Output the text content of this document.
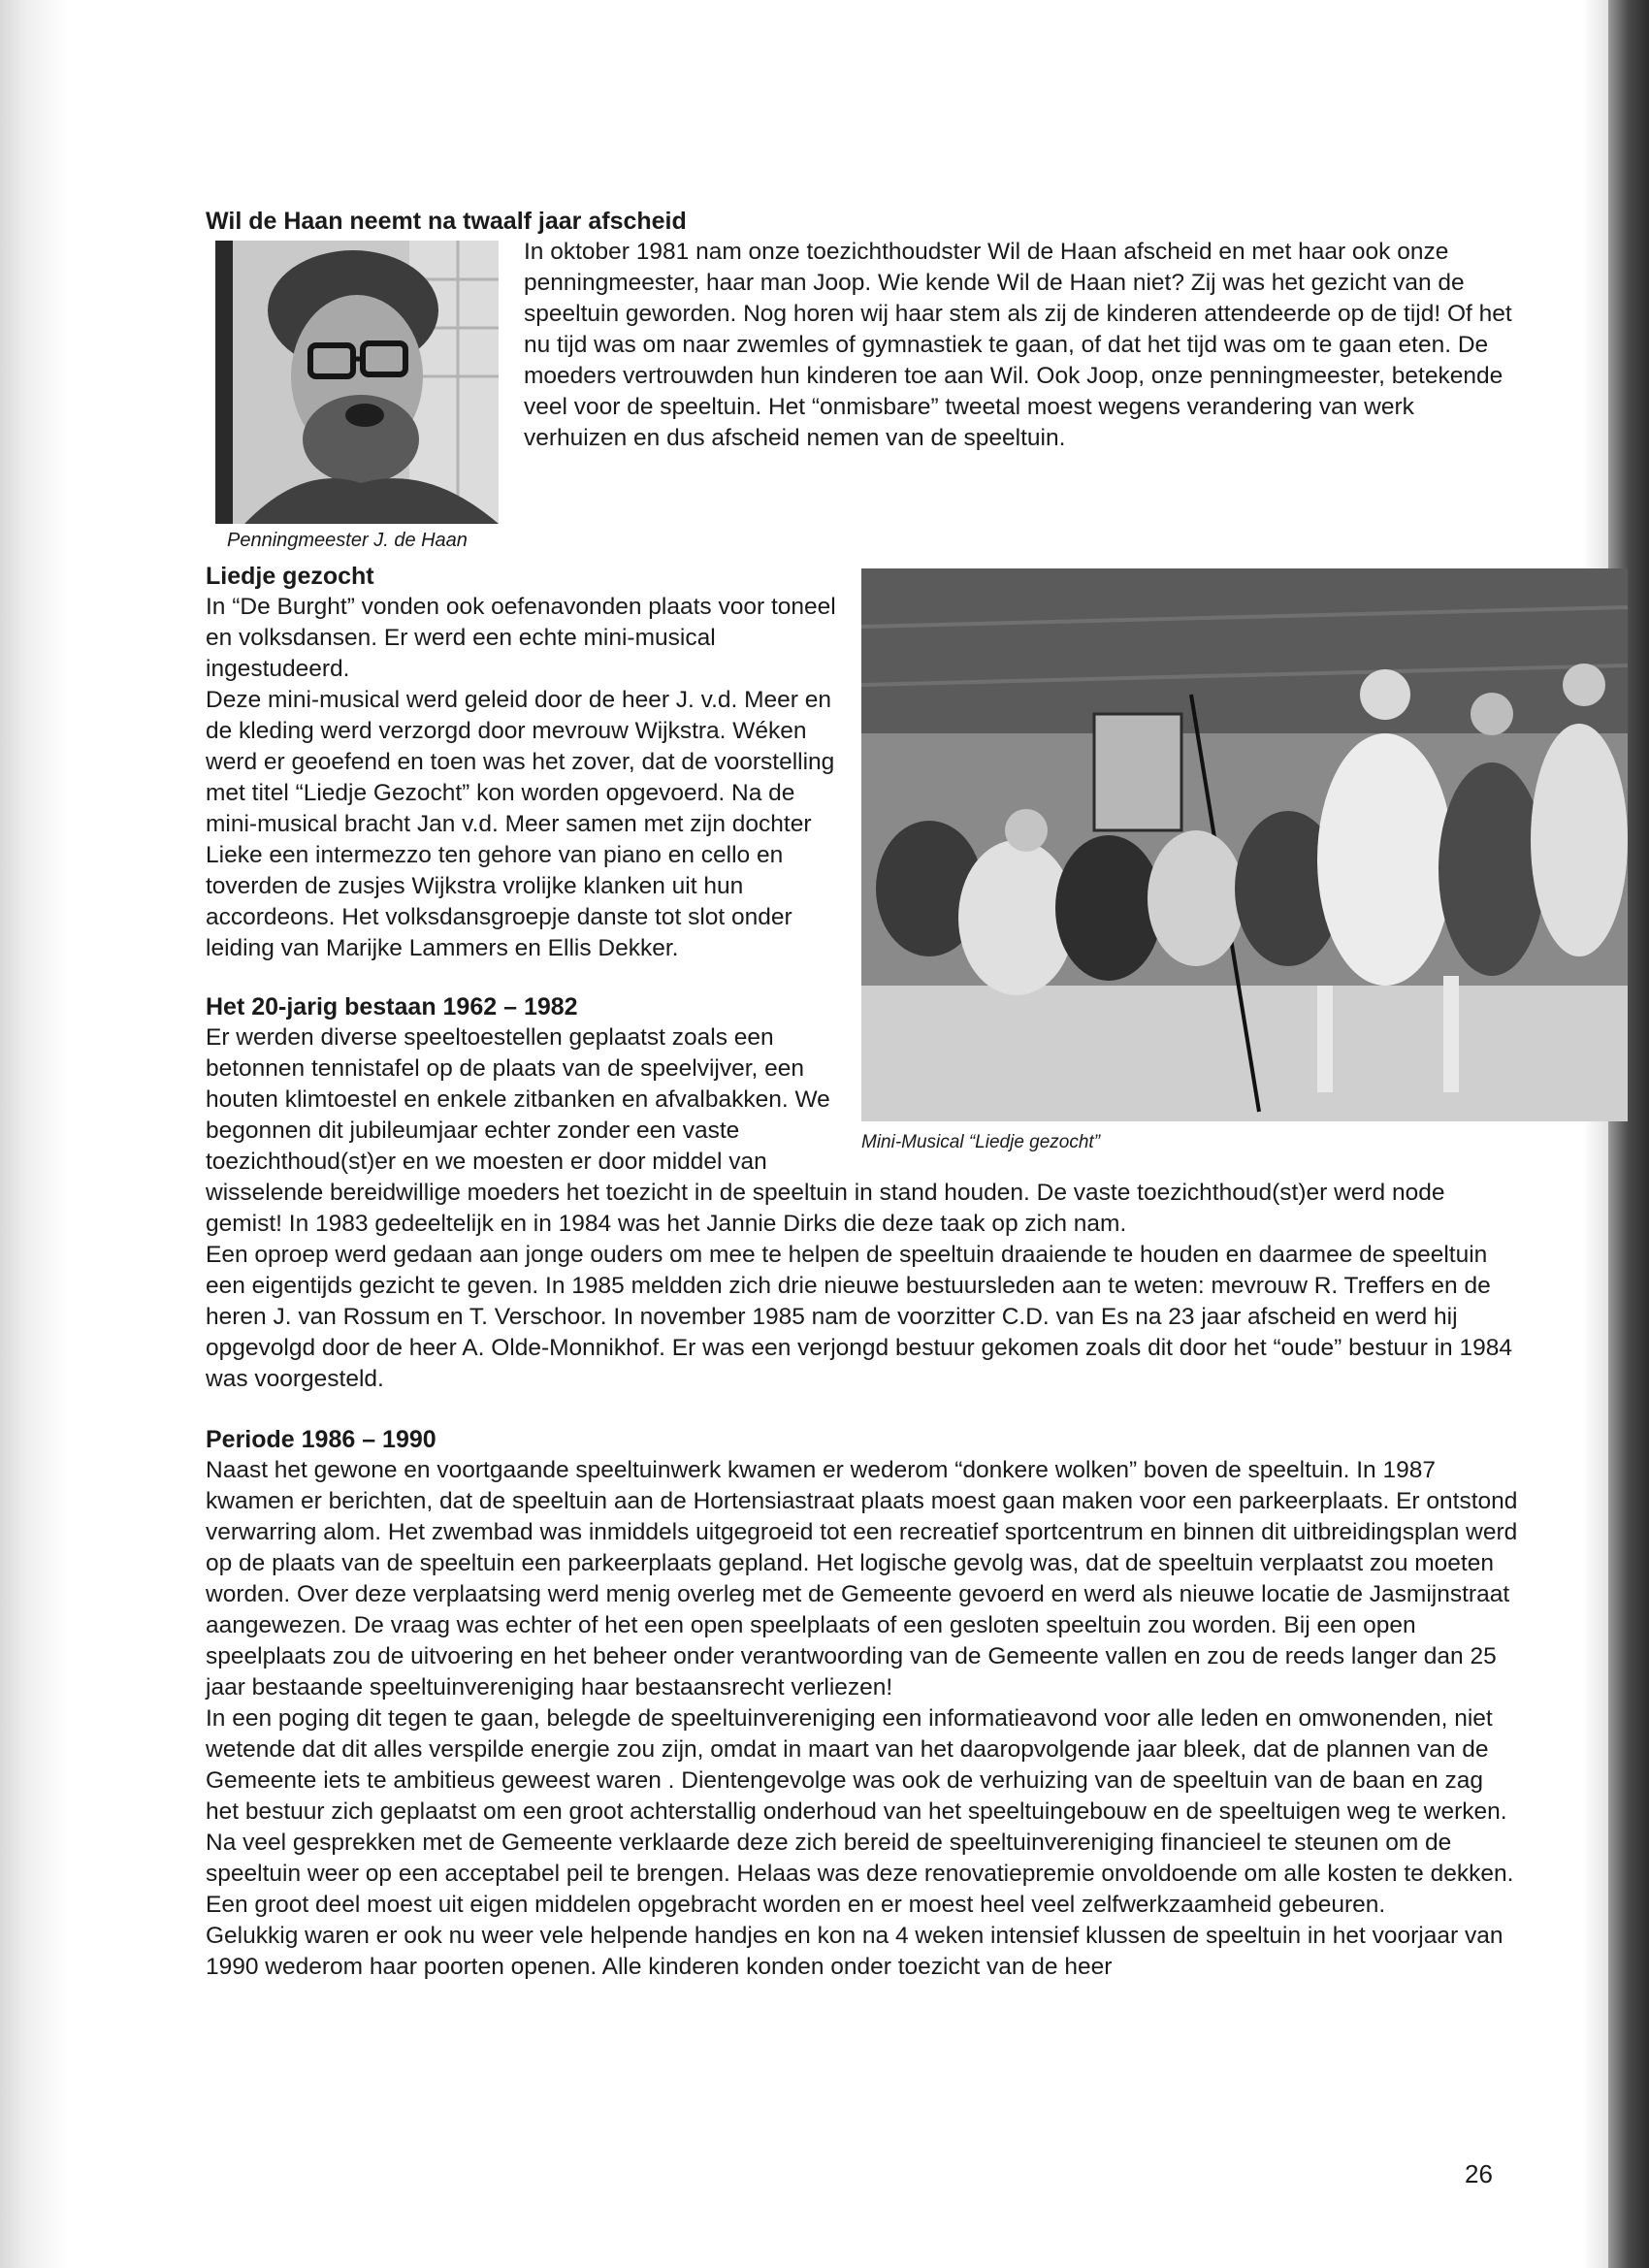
Wil de Haan neemt na twaalf jaar afscheid
Penningmeester J. de Haan

In oktober 1981 nam onze toezichthoudster Wil de Haan afscheid en met haar ook onze penningmeester, haar man Joop. Wie kende Wil de Haan niet? Zij was het gezicht van de speeltuin geworden. Nog horen wij haar stem als zij de kinderen attendeerde op de tijd! Of het nu tijd was om naar zwemles of gymnastiek te gaan, of dat het tijd was om te gaan eten. De moeders vertrouwden hun kinderen toe aan Wil. Ook Joop, onze penningmeester, betekende veel voor de speeltuin. Het “onmisbare” tweetal moest wegens verandering van werk verhuizen en dus afscheid nemen van de speeltuin.

Mini-Musical “Liedje gezocht”
Liedje gezocht

In “De Burght” vonden ook oefenavonden plaats voor toneel en volksdansen. Er werd een echte mini-musical ingestudeerd.

Deze mini-musical werd geleid door de heer J. v.d. Meer en de kleding werd verzorgd door mevrouw Wijkstra. Wéken werd er geoefend en toen was het zover, dat de voorstelling met titel “Liedje Gezocht” kon worden opgevoerd. Na de mini-musical bracht Jan v.d. Meer samen met zijn dochter Lieke een intermezzo ten gehore van piano en cello en toverden de zusjes Wijkstra vrolijke klanken uit hun accordeons. Het volksdansgroepje danste tot slot onder leiding van Marijke Lammers en Ellis Dekker.

Het 20-jarig bestaan 1962 – 1982

Er werden diverse speeltoestellen geplaatst zoals een betonnen tennistafel op de plaats van de speelvijver, een houten klimtoestel en enkele zitbanken en afvalbakken. We begonnen dit jubileumjaar echter zonder een vaste toezichthoud(st)er en we moesten er door middel van wisselende bereidwillige moeders het toezicht in de speeltuin in stand houden. De vaste toezichthoud(st)er werd node gemist! In 1983 gedeeltelijk en in 1984 was het Jannie Dirks die deze taak op zich nam.

Een oproep werd gedaan aan jonge ouders om mee te helpen de speeltuin draaiende te houden en daarmee de speeltuin een eigentijds gezicht te geven. In 1985 meldden zich drie nieuwe bestuursleden aan te weten: mevrouw R. Treffers en de heren J. van Rossum en T. Verschoor. In november 1985 nam de voorzitter C.D. van Es na 23 jaar afscheid en werd hij opgevolgd door de heer A. Olde-Monnikhof. Er was een verjongd bestuur gekomen zoals dit door het “oude” bestuur in 1984 was voorgesteld.

Periode 1986 – 1990

Naast het gewone en voortgaande speeltuinwerk kwamen er wederom “donkere wolken” boven de speeltuin. In 1987 kwamen er berichten, dat de speeltuin aan de Hortensiastraat plaats moest gaan maken voor een parkeerplaats. Er ontstond verwarring alom. Het zwembad was inmiddels uitgegroeid tot een recreatief sportcentrum en binnen dit uitbreidingsplan werd op de plaats van de speeltuin een parkeerplaats gepland. Het logische gevolg was, dat de speeltuin verplaatst zou moeten worden. Over deze verplaatsing werd menig overleg met de Gemeente gevoerd en werd als nieuwe locatie de Jasmijnstraat aangewezen. De vraag was echter of het een open speelplaats of een gesloten speeltuin zou worden. Bij een open speelplaats zou de uitvoering en het beheer onder verantwoording van de Gemeente vallen en zou de reeds langer dan 25 jaar bestaande speeltuinvereniging haar bestaansrecht verliezen!

In een poging dit tegen te gaan, belegde de speeltuinvereniging een informatieavond voor alle leden en omwonenden, niet wetende dat dit alles verspilde energie zou zijn, omdat in maart van het daaropvolgende jaar bleek, dat de plannen van de Gemeente iets te ambitieus geweest waren . Dientengevolge was ook de verhuizing van de speeltuin van de baan en zag het bestuur zich geplaatst om een groot achterstallig onderhoud van het speeltuingebouw en de speeltuigen weg te werken. Na veel gesprekken met de Gemeente verklaarde deze zich bereid de speeltuinvereniging financieel te steunen om de speeltuin weer op een acceptabel peil te brengen. Helaas was deze renovatiepremie onvoldoende om alle kosten te dekken. Een groot deel moest uit eigen middelen opgebracht worden en er moest heel veel zelfwerkzaamheid gebeuren.

Gelukkig waren er ook nu weer vele helpende handjes en kon na 4 weken intensief klussen de speeltuin in het voorjaar van 1990 wederom haar poorten openen. Alle kinderen konden onder toezicht van de heer

26
